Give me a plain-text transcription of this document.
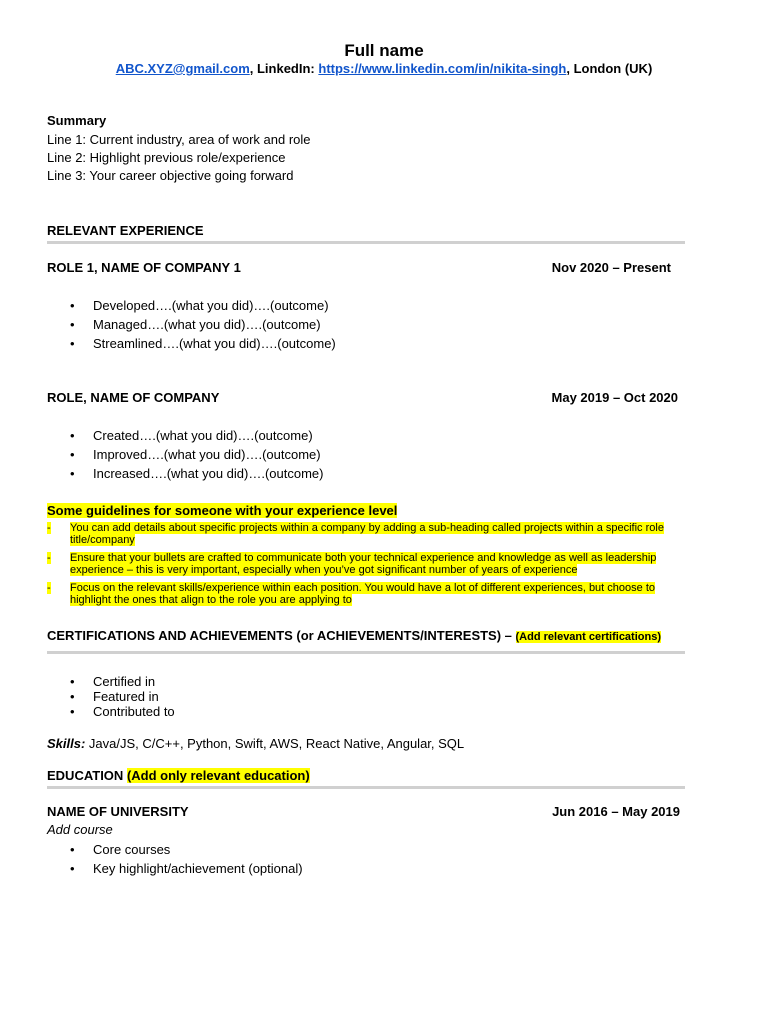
Full name
ABC.XYZ@gmail.com, LinkedIn: https://www.linkedin.com/in/nikita-singh, London (UK)
Summary
Line 1: Current industry, area of work and role
Line 2: Highlight previous role/experience
Line 3: Your career objective going forward
RELEVANT EXPERIENCE
ROLE 1, NAME OF COMPANY 1	Nov 2020 – Present
• Developed….(what you did)….(outcome)
• Managed….(what you did)….(outcome)
• Streamlined….(what you did)….(outcome)
ROLE, NAME OF COMPANY	May 2019 – Oct 2020
• Created….(what you did)….(outcome)
• Improved….(what you did)….(outcome)
• Increased….(what you did)….(outcome)
Some guidelines for someone with your experience level
- You can add details about specific projects within a company by adding a sub-heading called projects within a specific role title/company
- Ensure that your bullets are crafted to communicate both your technical experience and knowledge as well as leadership experience – this is very important, especially when you’ve got significant number of years of experience
- Focus on the relevant skills/experience within each position. You would have a lot of different experiences, but choose to highlight the ones that align to the role you are applying to
CERTIFICATIONS AND ACHIEVEMENTS (or ACHIEVEMENTS/INTERESTS) – (Add relevant certifications)
• Certified in
• Featured in
• Contributed to
Skills: Java/JS, C/C++, Python, Swift, AWS, React Native, Angular, SQL
EDUCATION (Add only relevant education)
NAME OF UNIVERSITY	Jun 2016 – May 2019
Add course
• Core courses
• Key highlight/achievement (optional)
